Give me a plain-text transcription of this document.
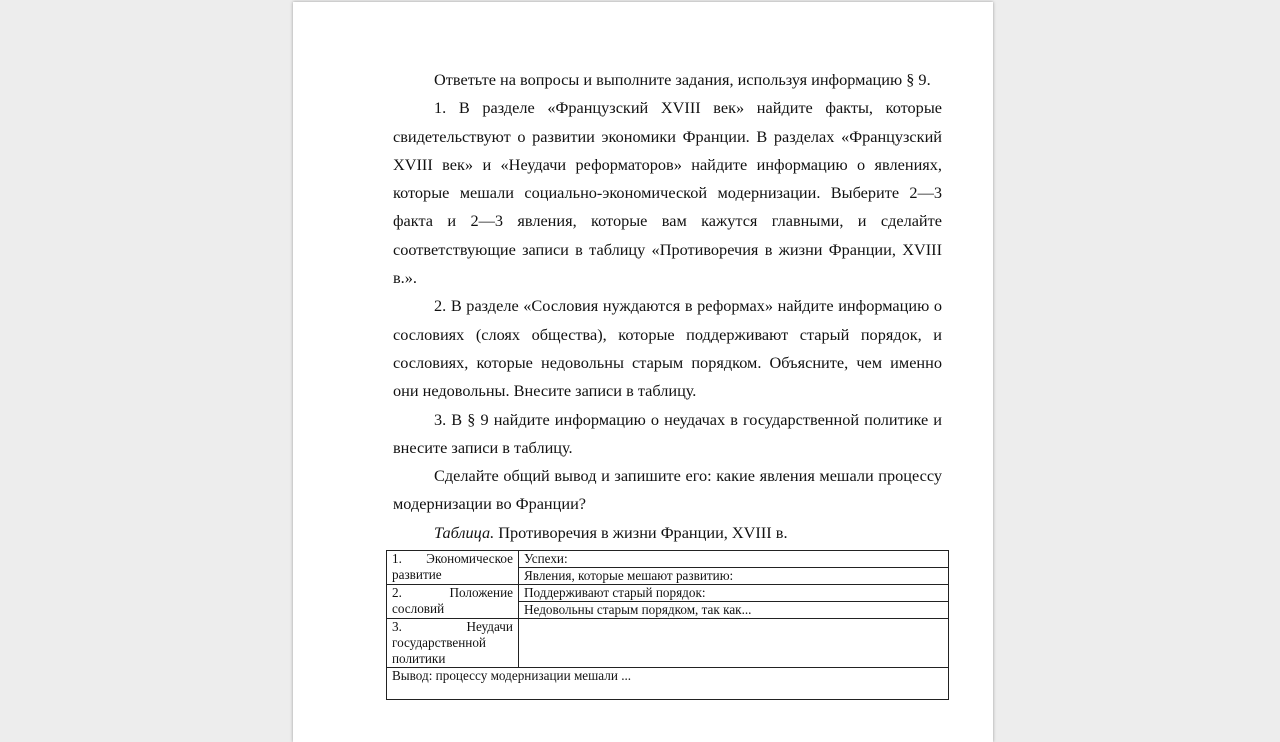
Ответьте на вопросы и выполните задания, используя информацию § 9.

1. В разделе «Французский XVIII век» найдите факты, которые свидетельствуют о развитии экономики Франции. В разделах «Французский XVIII век» и «Неудачи реформаторов» найдите информацию о явлениях, которые мешали социально-экономической модернизации. Выберите 2—3 факта и 2—3 явления, которые вам кажутся главными, и сделайте соответствующие записи в таблицу «Противоречия в жизни Франции, XVIII в.».

2. В разделе «Сословия нуждаются в реформах» найдите информацию о сословиях (слоях общества), которые поддерживают старый порядок, и сословиях, которые недовольны старым порядком. Объясните, чем именно они недовольны. Внесите записи в таблицу.

3. В § 9 найдите информацию о неудачах в государственной политике и внесите записи в таблицу.

Сделайте общий вывод и запишите его: какие явления мешали процессу модернизации во Франции?

Таблица. Противоречия в жизни Франции, XVIII в.
1. Экономическое развитие	Успехи:
	Явления, которые мешают развитию:
2. Положение сословий	Поддерживают старый порядок:
	Недовольны старым порядком, так как...
3. Неудачи государственной политики	
Вывод: процессу модернизации мешали ...	
